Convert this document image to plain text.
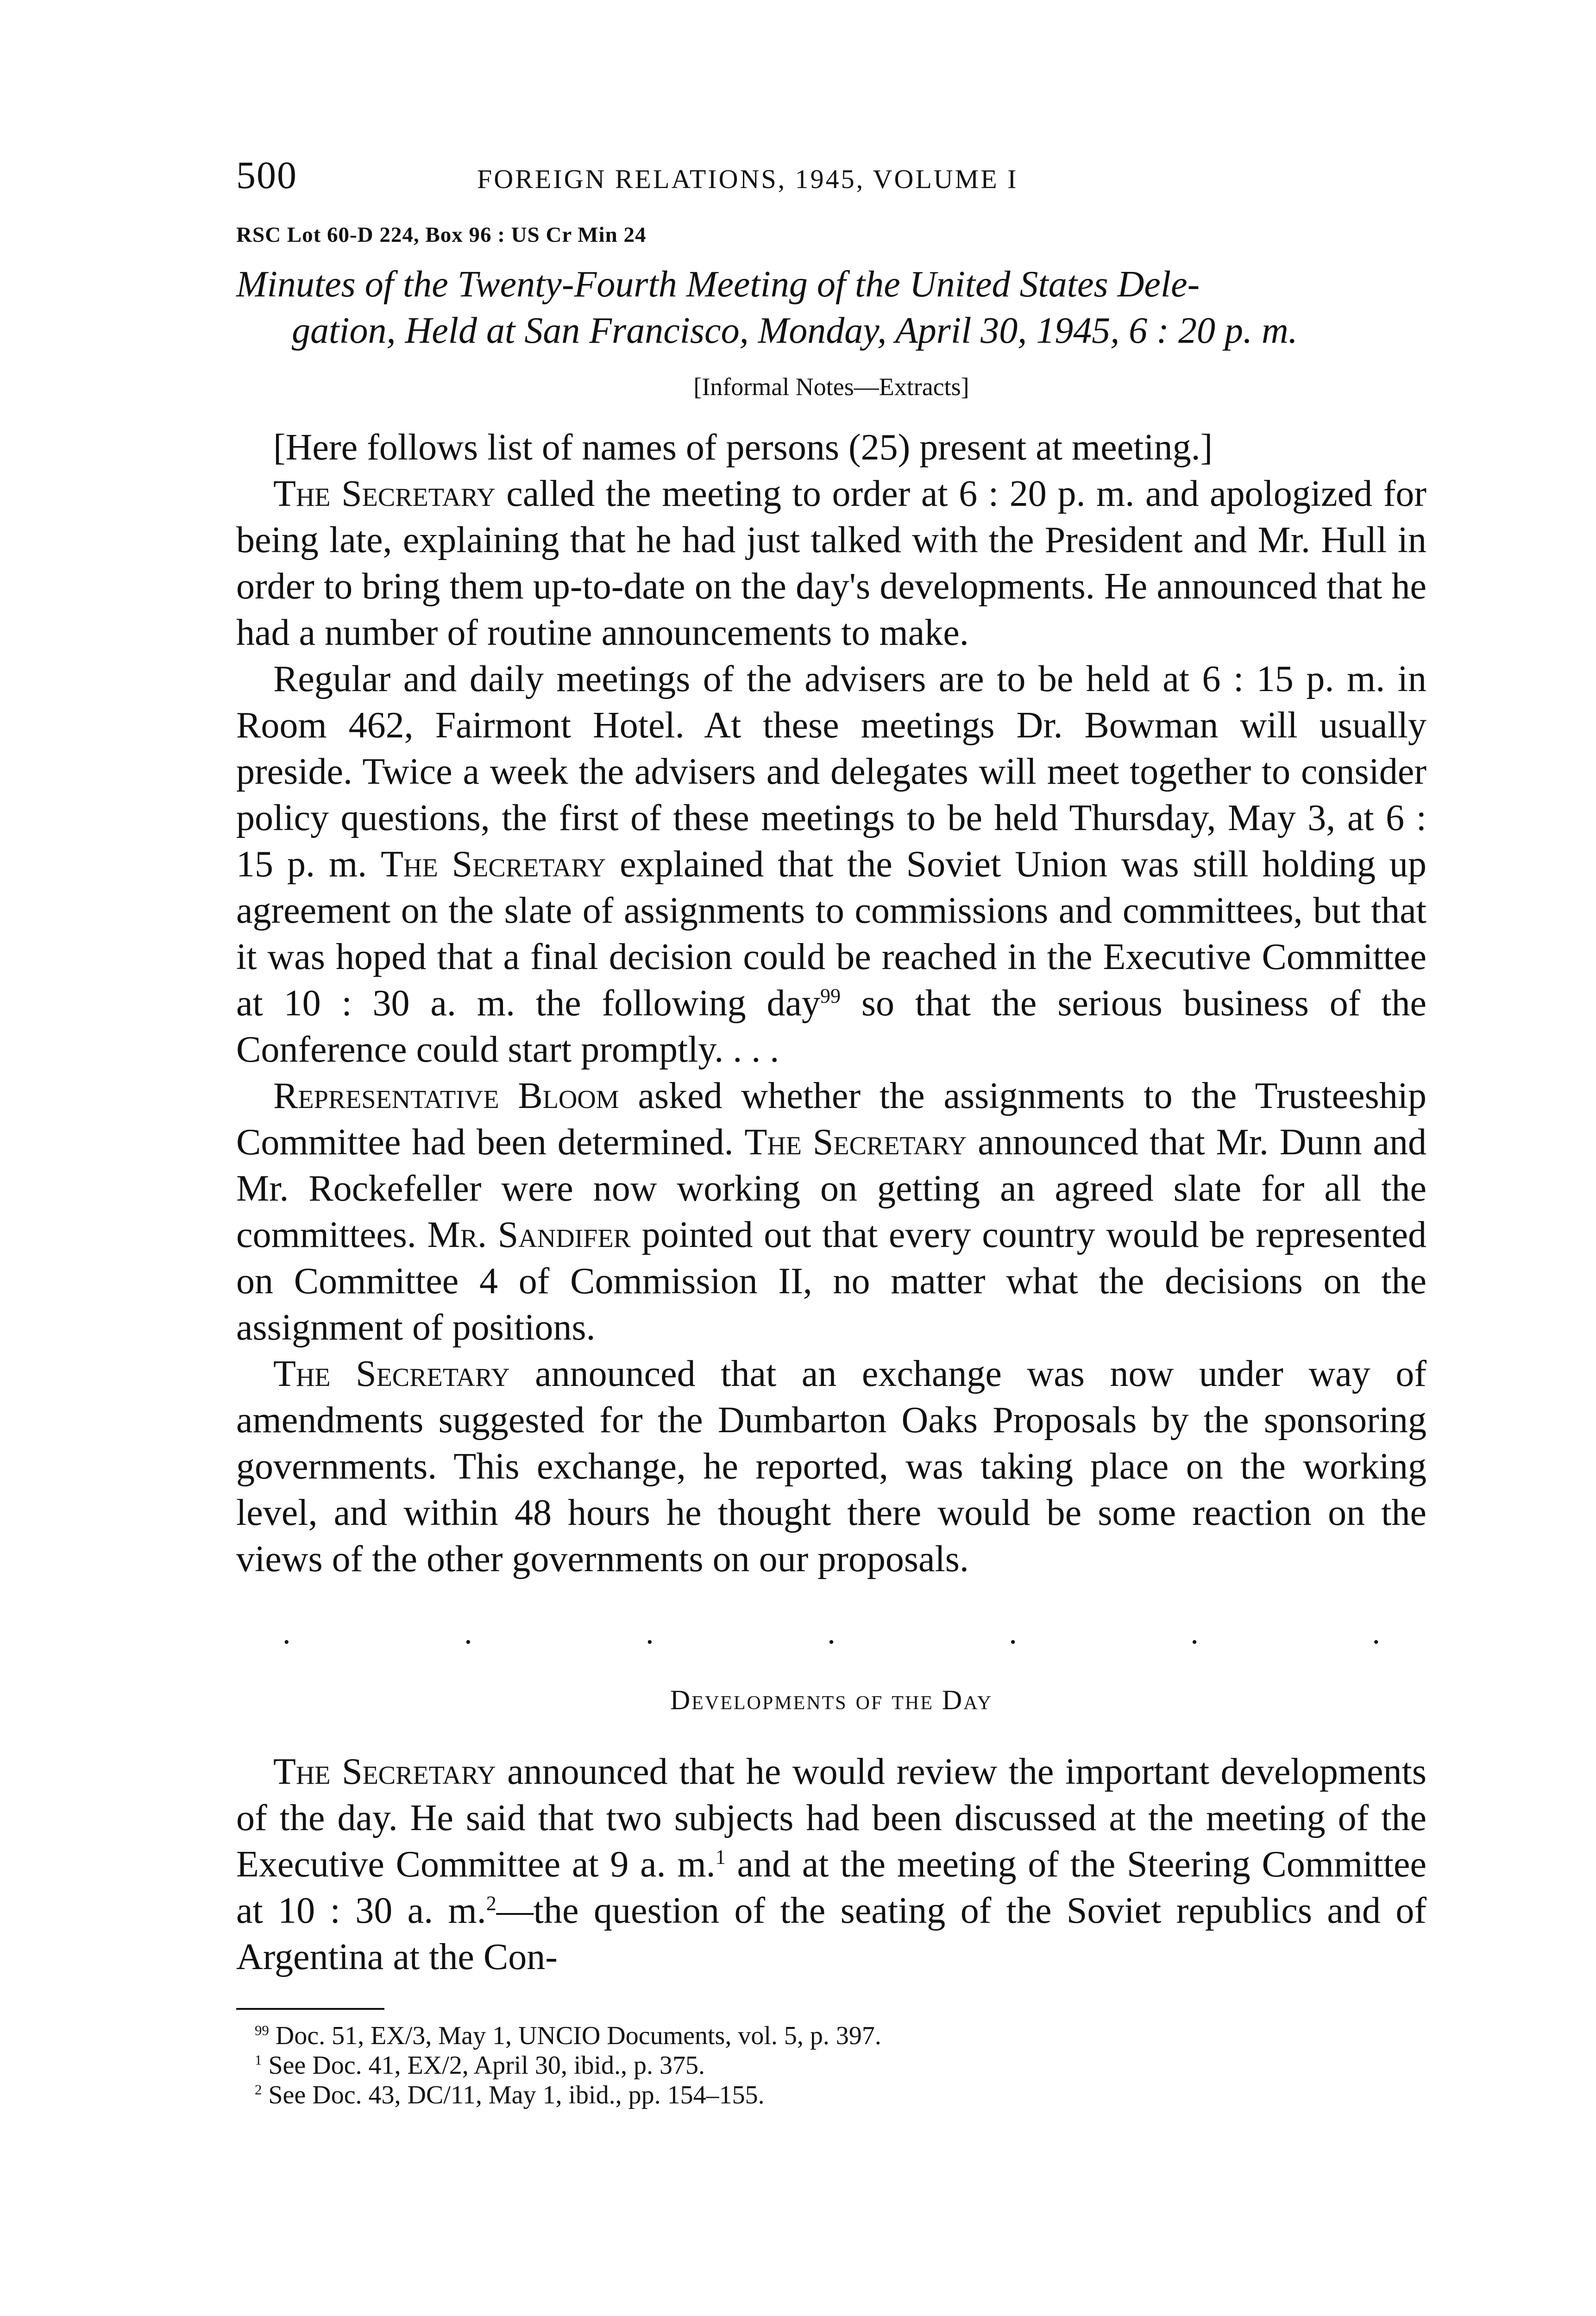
500	FOREIGN RELATIONS, 1945, VOLUME I
RSC Lot 60-D 224, Box 96 : US Cr Min 24
Minutes of the Twenty-Fourth Meeting of the United States Dele-
gation, Held at San Francisco, Monday, April 30, 1945, 6 : 20 p. m.
[Informal Notes—Extracts]

[Here follows list of names of persons (25) present at meeting.]

The Secretary called the meeting to order at 6 : 20 p. m. and apologized for being late, explaining that he had just talked with the President and Mr. Hull in order to bring them up-to-date on the day's developments. He announced that he had a number of routine announcements to make.

Regular and daily meetings of the advisers are to be held at 6 : 15 p. m. in Room 462, Fairmont Hotel. At these meetings Dr. Bowman will usually preside. Twice a week the advisers and delegates will meet together to consider policy questions, the first of these meetings to be held Thursday, May 3, at 6 : 15 p. m. The Secretary explained that the Soviet Union was still holding up agreement on the slate of assignments to commissions and committees, but that it was hoped that a final decision could be reached in the Executive Committee at 10 : 30 a. m. the following day$^{99}$ so that the serious business of the Conference could start promptly. . . .

Representative Bloom asked whether the assignments to the Trusteeship Committee had been determined. The Secretary announced that Mr. Dunn and Mr. Rockefeller were now working on getting an agreed slate for all the committees. Mr. Sandifer pointed out that every country would be represented on Committee 4 of Commission II, no matter what the decisions on the assignment of positions.

The Secretary announced that an exchange was now under way of amendments suggested for the Dumbarton Oaks Proposals by the sponsoring governments. This exchange, he reported, was taking place on the working level, and within 48 hours he thought there would be some reaction on the views of the other governments on our proposals.

.	.	.	.	.	.	.
Developments of the Day

The Secretary announced that he would review the important developments of the day. He said that two subjects had been discussed at the meeting of the Executive Committee at 9 a. m.$^1$ and at the meeting of the Steering Committee at 10 : 30 a. m.$^2$—the question of the seating of the Soviet republics and of Argentina at the Con-

$^{99}$ Doc. 51, EX/3, May 1, UNCIO Documents, vol. 5, p. 397.
$^1$ See Doc. 41, EX/2, April 30, ibid., p. 375.
$^2$ See Doc. 43, DC/11, May 1, ibid., pp. 154–155.
